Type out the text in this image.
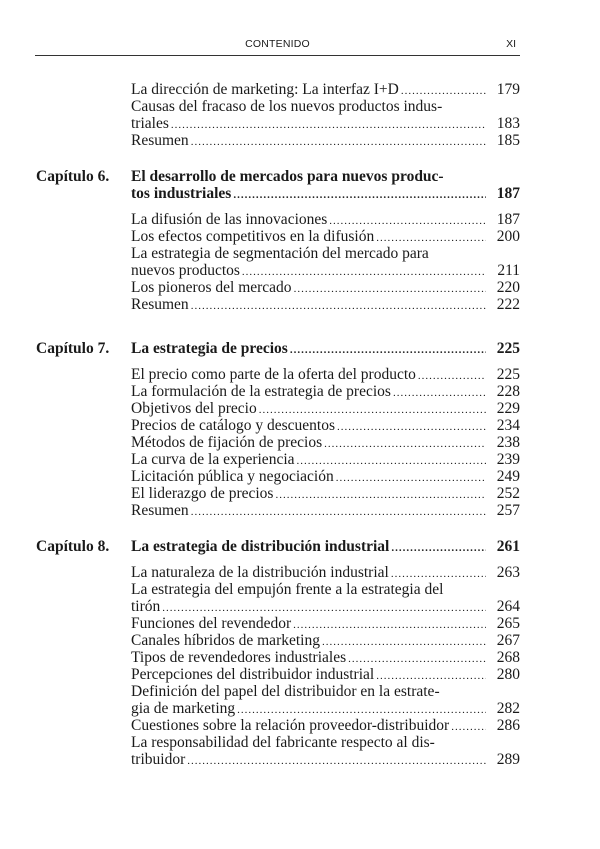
CONTENIDO	XI
La dirección de marketing: La interfaz I+D .....	179
Causas del fracaso de los nuevos productos indus-
triales .....	183
Resumen .....	185
Capítulo 6.	El desarrollo de mercados para nuevos produc-
tos industriales .....	187
La difusión de las innovaciones .....	187
Los efectos competitivos en la difusión .....	200
La estrategia de segmentación del mercado para
nuevos productos .....	211
Los pioneros del mercado .....	220
Resumen .....	222
Capítulo 7.	La estrategia de precios .....	225
El precio como parte de la oferta del producto .....	225
La formulación de la estrategia de precios .....	228
Objetivos del precio .....	229
Precios de catálogo y descuentos .....	234
Métodos de fijación de precios .....	238
La curva de la experiencia .....	239
Licitación pública y negociación .....	249
El liderazgo de precios .....	252
Resumen .....	257
Capítulo 8.	La estrategia de distribución industrial .....	261
La naturaleza de la distribución industrial .....	263
La estrategia del empujón frente a la estrategia del
tirón .....	264
Funciones del revendedor .....	265
Canales híbridos de marketing .....	267
Tipos de revendedores industriales .....	268
Percepciones del distribuidor industrial .....	280
Definición del papel del distribuidor en la estrate-
gia de marketing .....	282
Cuestiones sobre la relación proveedor-distribuidor .....	286
La responsabilidad del fabricante respecto al dis-
tribuidor .....	289
